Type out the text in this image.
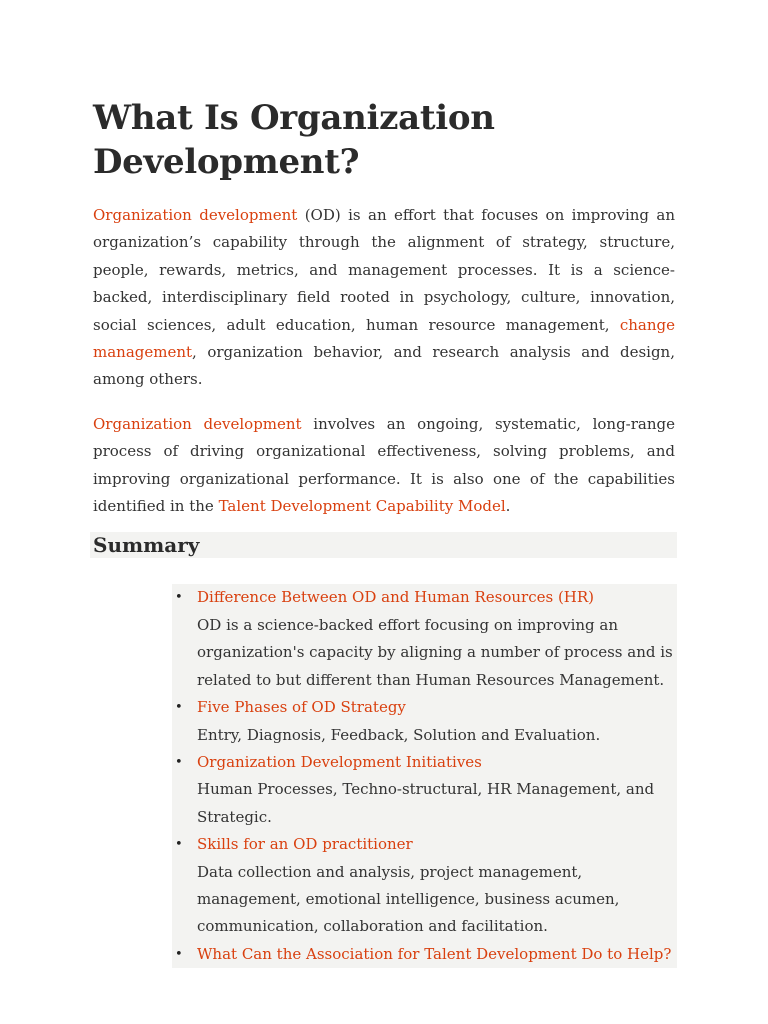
What Is Organization Development?

Organization development (OD) is an effort that focuses on improving an organization’s capability through the alignment of strategy, structure, people, rewards, metrics, and management processes. It is a science-backed, interdisciplinary field rooted in psychology, culture, innovation, social sciences, adult education, human resource management, change management, organization behavior, and research analysis and design, among others.

Organization development involves an ongoing, systematic, long-range process of driving organizational effectiveness, solving problems, and improving organizational performance. It is also one of the capabilities identified in the Talent Development Capability Model.

Summary
• Difference Between OD and Human Resources (HR)
OD is a science-backed effort focusing on improving an organization's capacity by aligning a number of process and is related to but different than Human Resources Management.
• Five Phases of OD Strategy
Entry, Diagnosis, Feedback, Solution and Evaluation.
• Organization Development Initiatives
Human Processes, Techno-structural, HR Management, and Strategic.
• Skills for an OD practitioner
Data collection and analysis, project management, management, emotional intelligence, business acumen, communication, collaboration and facilitation.
• What Can the Association for Talent Development Do to Help?
